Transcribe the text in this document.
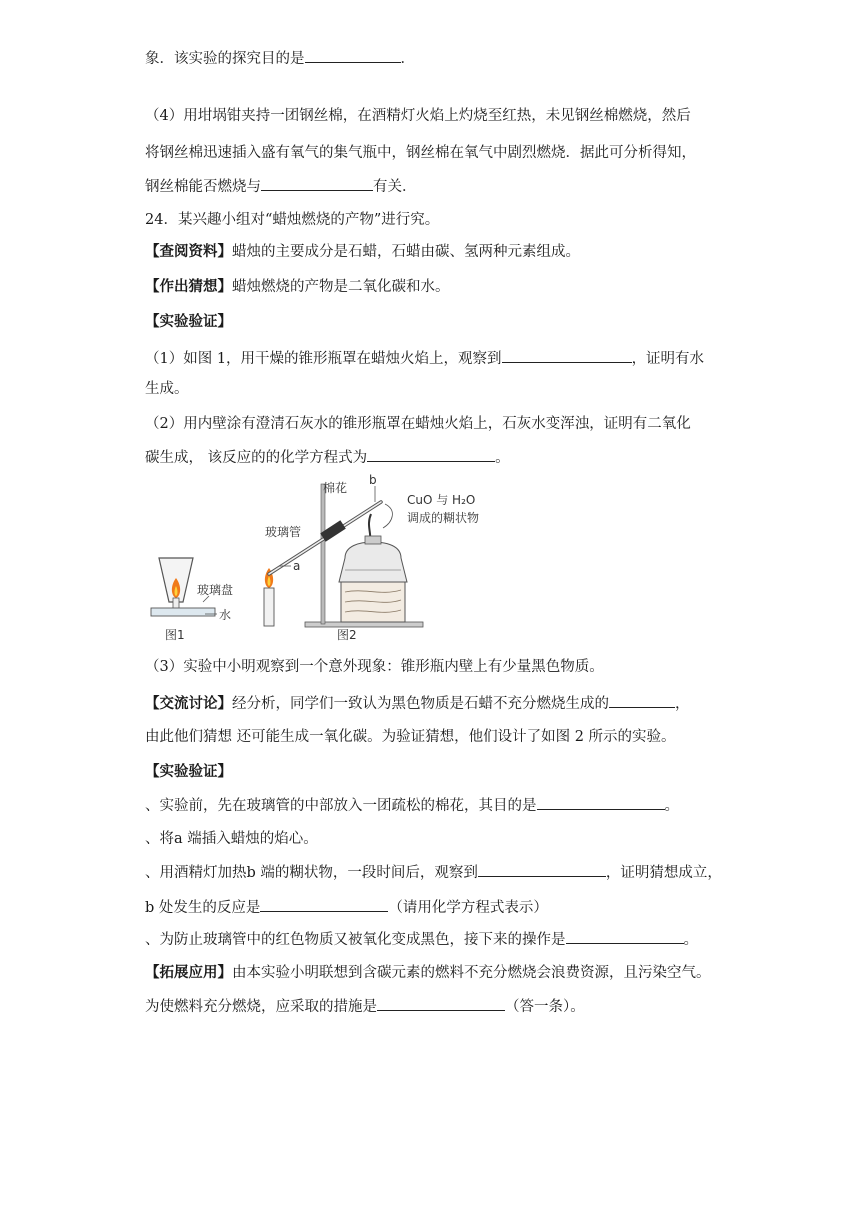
象．该实验的探究目的是	．
（4）用坩埚钳夹持一团钢丝棉，在酒精灯火焰上灼烧至红热，未见钢丝棉燃烧，然后
将钢丝棉迅速插入盛有氧气的集气瓶中，钢丝棉在氧气中剧烈燃烧．据此可分析得知，
钢丝棉能否燃烧与	有关．
24．某兴趣小组对“蜡烛燃烧的产物”进行究。
【查阅资料】蜡烛的主要成分是石蜡，石蜡由碳、氢两种元素组成。
【作出猜想】蜡烛燃烧的产物是二氧化碳和水。
【实验验证】
（1）如图 1，用干燥的锥形瓶罩在蜡烛火焰上，观察到	，证明有水
生成。
（2）用内壁涂有澄清石灰水的锥形瓶罩在蜡烛火焰上，石灰水变浑浊，证明有二氧化
碳生成， 该反应的的化学方程式为	。
玻璃盘
水
图1
a
玻璃管
棉花
b
CuO 与 H₂O
调成的糊状物
图2
（3）实验中小明观察到一个意外现象：锥形瓶内壁上有少量黑色物质。
【交流讨论】经分析，同学们一致认为黑色物质是石蜡不充分燃烧生成的	，
由此他们猜想 还可能生成一氧化碳。为验证猜想，他们设计了如图 2 所示的实验。
【实验验证】
、实验前，先在玻璃管的中部放入一团疏松的棉花，其目的是	。
、将a 端插入蜡烛的焰心。
、用酒精灯加热b 端的糊状物，一段时间后，观察到	，证明猜想成立，
b 处发生的反应是	（请用化学方程式表示）
、为防止玻璃管中的红色物质又被氧化变成黑色，接下来的操作是	。
【拓展应用】由本实验小明联想到含碳元素的燃料不充分燃烧会浪费资源，且污染空气。
为使燃料充分燃烧，应采取的措施是	（答一条）。
